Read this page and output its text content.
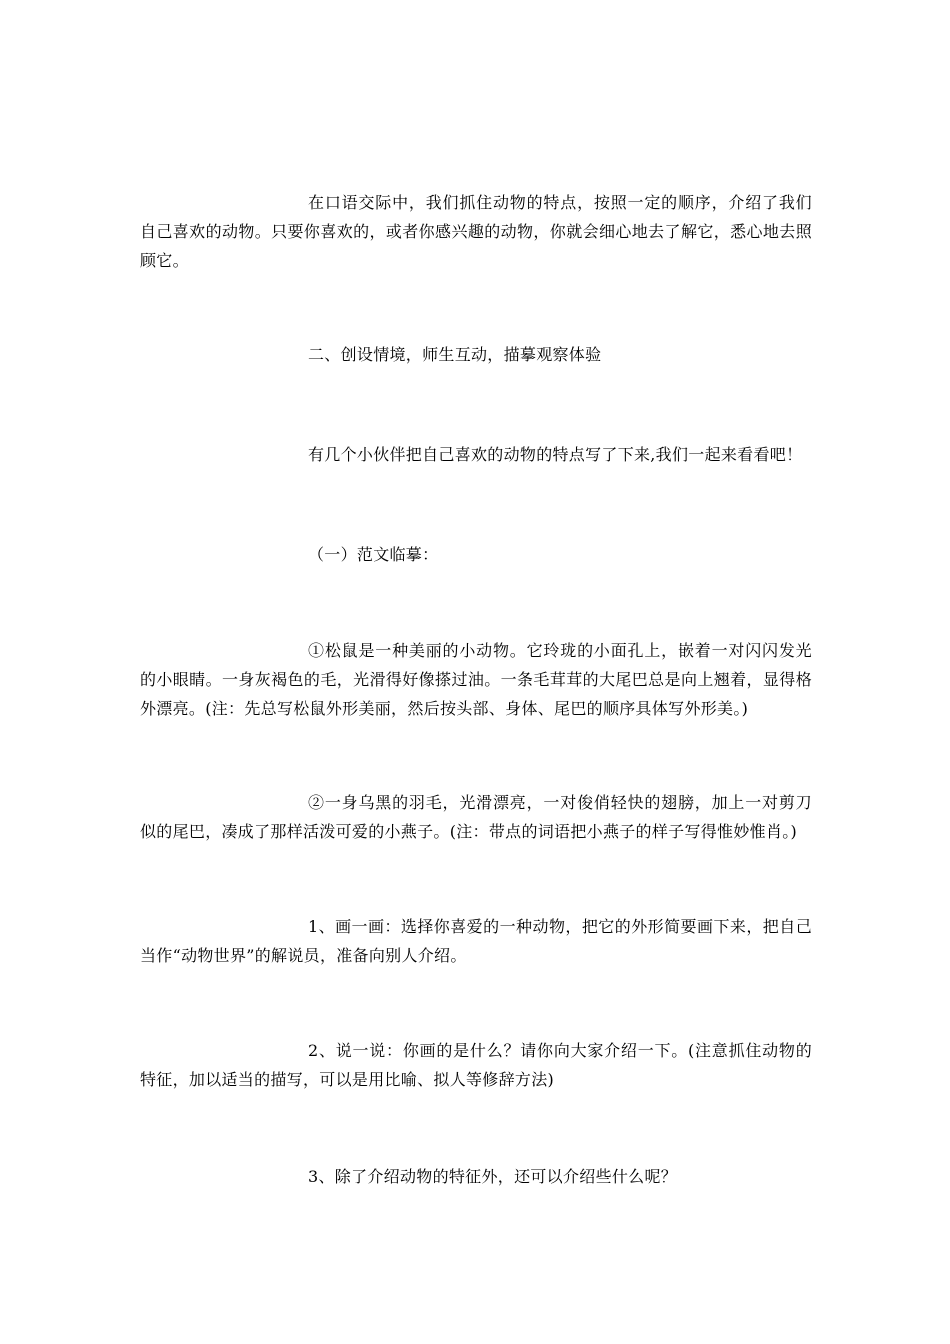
在口语交际中，我们抓住动物的特点，按照一定的顺序，介绍了我们自己喜欢的动物。只要你喜欢的，或者你感兴趣的动物，你就会细心地去了解它，悉心地去照顾它。

二、创设情境，师生互动，描摹观察体验

有几个小伙伴把自己喜欢的动物的特点写了下来,我们一起来看看吧！

（一）范文临摹：

①松鼠是一种美丽的小动物。它玲珑的小面孔上，嵌着一对闪闪发光的小眼睛。一身灰褐色的毛，光滑得好像搽过油。一条毛茸茸的大尾巴总是向上翘着，显得格外漂亮。(注：先总写松鼠外形美丽，然后按头部、身体、尾巴的顺序具体写外形美。)

②一身乌黑的羽毛，光滑漂亮，一对俊俏轻快的翅膀，加上一对剪刀似的尾巴，凑成了那样活泼可爱的小燕子。(注：带点的词语把小燕子的样子写得惟妙惟肖。)

1、画一画：选择你喜爱的一种动物，把它的外形简要画下来，把自己当作“动物世界”的解说员，准备向别人介绍。

2、说一说：你画的是什么？请你向大家介绍一下。(注意抓住动物的特征，加以适当的描写，可以是用比喻、拟人等修辞方法)

3、除了介绍动物的特征外，还可以介绍些什么呢？
